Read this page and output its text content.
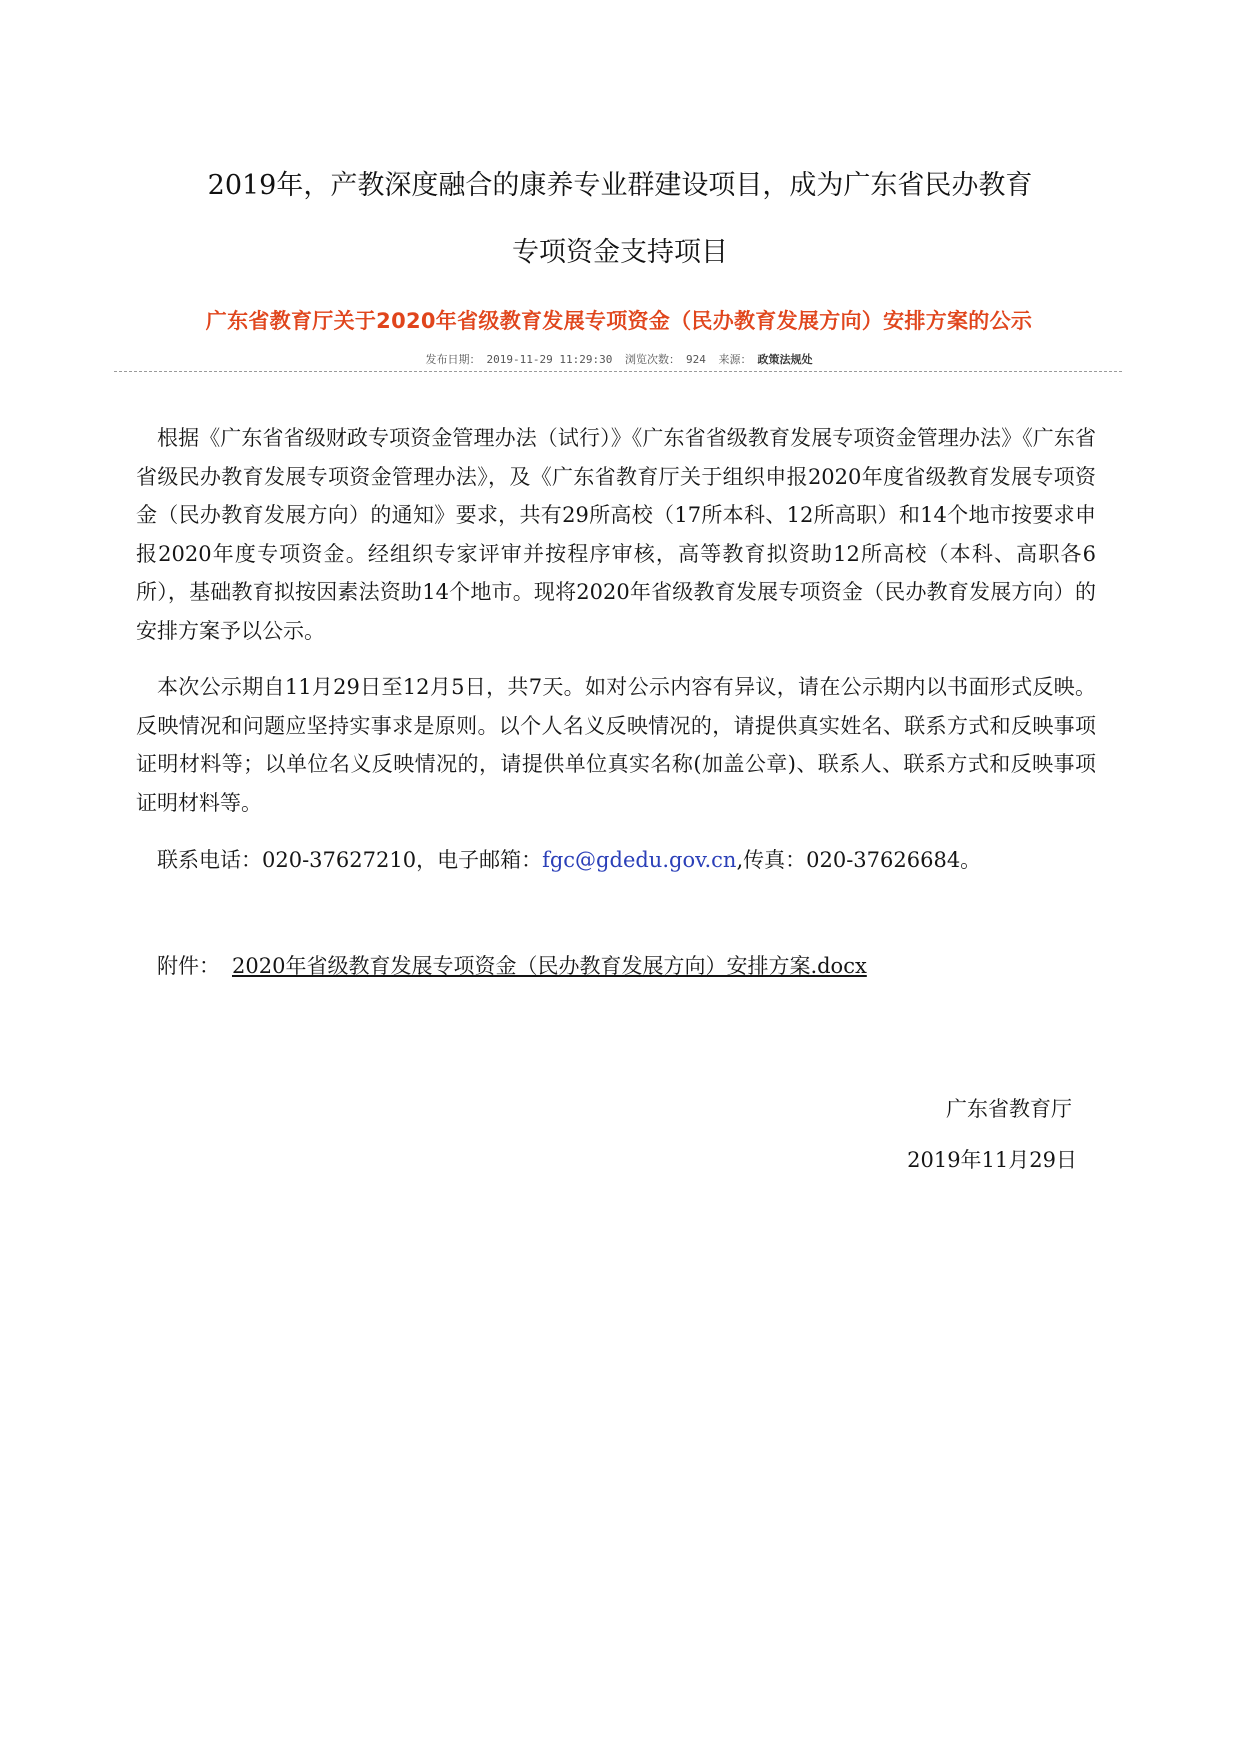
2019年，产教深度融合的康养专业群建设项目，成为广东省民办教育
专项资金支持项目
广东省教育厅关于2020年省级教育发展专项资金（民办教育发展方向）安排方案的公示
发布日期： 2019-11-29 11:29:30 浏览次数： 924 来源： 政策法规处

根据《广东省省级财政专项资金管理办法（试行）》《广东省省级教育发展专项资金管理办法》《广东省省级民办教育发展专项资金管理办法》，及《广东省教育厅关于组织申报2020年度省级教育发展专项资金（民办教育发展方向）的通知》要求，共有29所高校（17所本科、12所高职）和14个地市按要求申报2020年度专项资金。经组织专家评审并按程序审核，高等教育拟资助12所高校（本科、高职各6所），基础教育拟按因素法资助14个地市。现将2020年省级教育发展专项资金（民办教育发展方向）的安排方案予以公示。

本次公示期自11月29日至12月5日，共7天。如对公示内容有异议，请在公示期内以书面形式反映。反映情况和问题应坚持实事求是原则。以个人名义反映情况的，请提供真实姓名、联系方式和反映事项证明材料等；以单位名义反映情况的，请提供单位真实名称(加盖公章)、联系人、联系方式和反映事项证明材料等。

联系电话：020-37627210，电子邮箱：fgc@gdedu.gov.cn,传真：020-37626684。

附件： 2020年省级教育发展专项资金（民办教育发展方向）安排方案.docx

广东省教育厅

2019年11月29日
